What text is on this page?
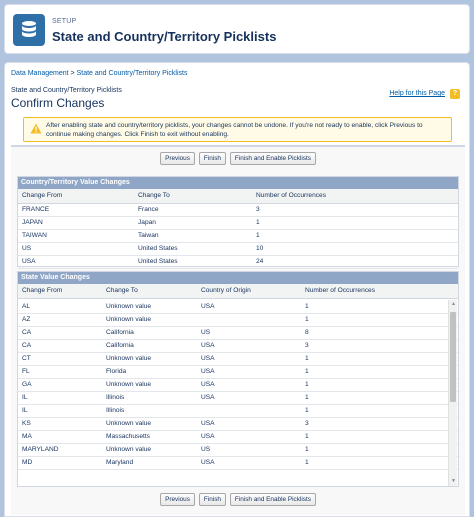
SETUP
State and Country/Territory Picklists
Data Management > State and Country/Territory Picklists
State and Country/Territory Picklists
Confirm Changes
Help for this Page	?
After enabling state and country/territory picklists, your changes cannot be undone. If you're not ready to enable, click Previous to continue making changes. Click Finish to exit without enabling.
Previous Finish Finish and Enable Picklists
Country/Territory Value Changes
Change From	Change To	Number of Occurrences
FRANCE	France	3
JAPAN	Japan	1
TAIWAN	Taiwan	1
US	United States	10
USA	United States	24
State Value Changes
Change From	Change To	Country of Origin	Number of Occurrences
AL	Unknown value	USA	1
AZ	Unknown value		1
CA	California	US	8
CA	California	USA	3
CT	Unknown value	USA	1
FL	Florida	USA	1
GA	Unknown value	USA	1
IL	Illinois	USA	1
IL	Illinois		1
KS	Unknown value	USA	3
MA	Massachusetts	USA	1
MARYLAND	Unknown value	US	1
MD	Maryland	USA	1
▲
▼
Previous Finish Finish and Enable Picklists
